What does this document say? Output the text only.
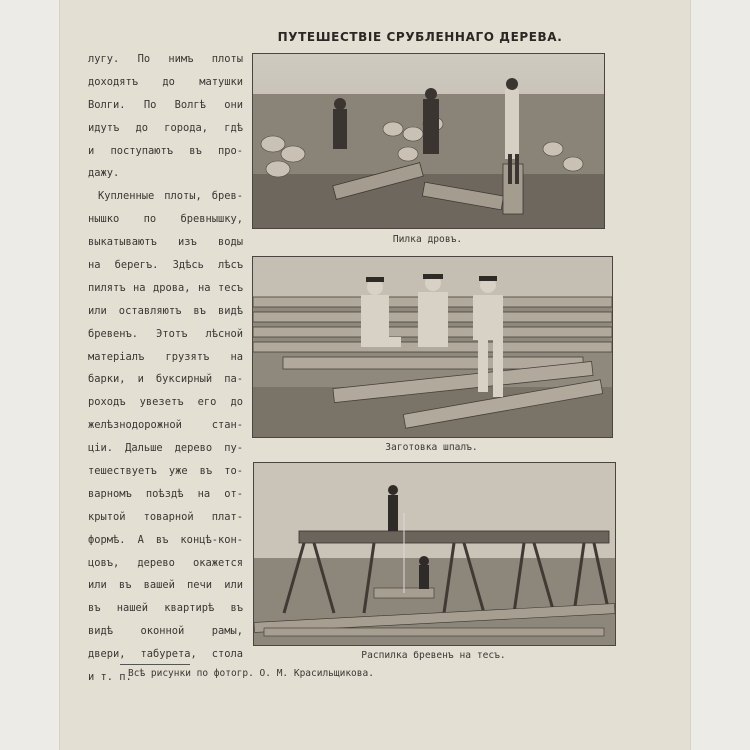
ПУТЕШЕСТВІЕ СРУБЛЕННАГО ДЕРЕВА.
лугу. По нимъ плоты
доходятъ до матушки
Волги. По Волгѣ они
идутъ до города, гдѣ
и поступаютъ въ про-
дажу.
Купленные плоты, брев-
нышко по бревнышку,
выкатываютъ изъ воды
на берегъ. Здѣсь лѣсъ
пилятъ на дрова, на тесъ
или оставляютъ въ видѣ
бревенъ. Этотъ лѣсной
матеріалъ грузятъ на
барки, и буксирный па-
роходъ увезетъ его до
желѣзнодорожной стан-
ціи. Дальше дерево пу-
тешествуетъ уже въ то-
варномъ поѣздѣ на от-
крытой товарной плат-
формѣ. А въ концѣ-кон-
цовъ, дерево окажется
или въ вашей печи или
въ нашей квартирѣ въ
видѣ оконной рамы,
двери, табурета, стола
и т. п.
Пилка дровъ.
Заготовка шпалъ.
Распилка бревенъ на тесъ.
Всѣ рисунки по фотогр. О. М. Красильщикова.
